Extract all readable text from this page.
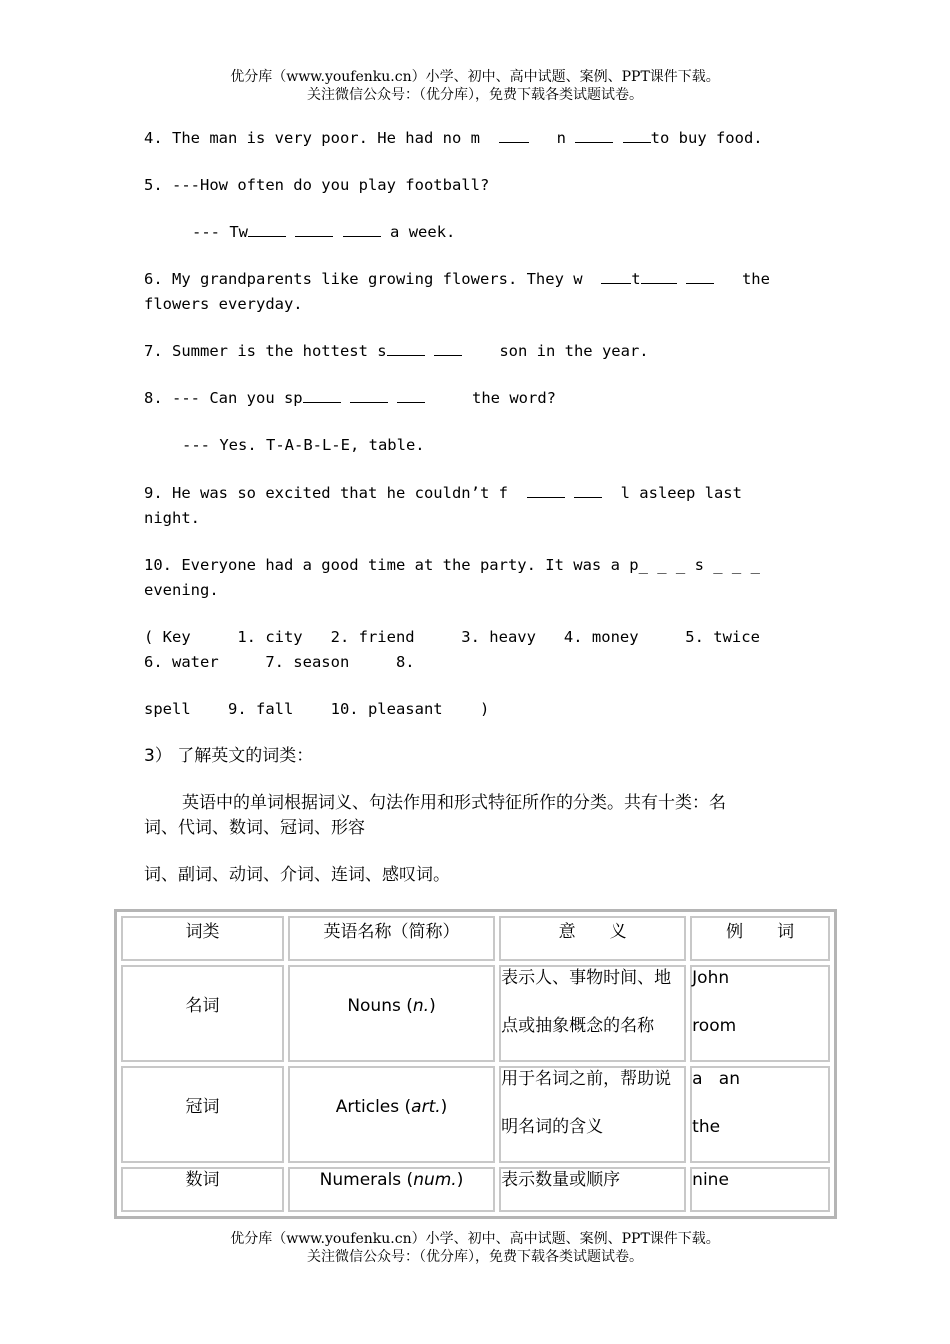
优分库（www.youfenku.cn）小学、初中、高中试题、案例、PPT课件下载。
关注微信公众号：（优分库），免费下载各类试题试卷。
4. The man is very poor. He had no m	n	to buy food.
5. ---How often do you play football?
--- Tw	a week.
6. My grandparents like growing flowers. They w	t	the
flowers everyday.
7. Summer is the hottest s	son in the year.
8. --- Can you sp	the word?
--- Yes. T-A-B-L-E, table.
9. He was so excited that he couldn’t f	l asleep last
night.
10. Everyone had a good time at the party. It was a p_ _ _ s _ _ _
evening.
( Key     1. city   2. friend     3. heavy   4. money     5. twice
6. water     7. season     8.
spell    9. fall    10. pleasant    )
3） 了解英文的词类：
英语中的单词根据词义、句法作用和形式特征所作的分类。共有十类：名
词、代词、数词、冠词、形容
词、副词、动词、介词、连词、感叹词。
词类	英语名称（简称）	意　　义	例　　词

名词	Nouns (n.)	表示人、事物时间、地
点或抽象概念的名称	John
room

冠词	Articles (art.)	用于名词之前，帮助说
明名词的含义	a   an
the

数词	Numerals (num.)	表示数量或顺序	nine
优分库（www.youfenku.cn）小学、初中、高中试题、案例、PPT课件下载。
关注微信公众号：（优分库），免费下载各类试题试卷。
